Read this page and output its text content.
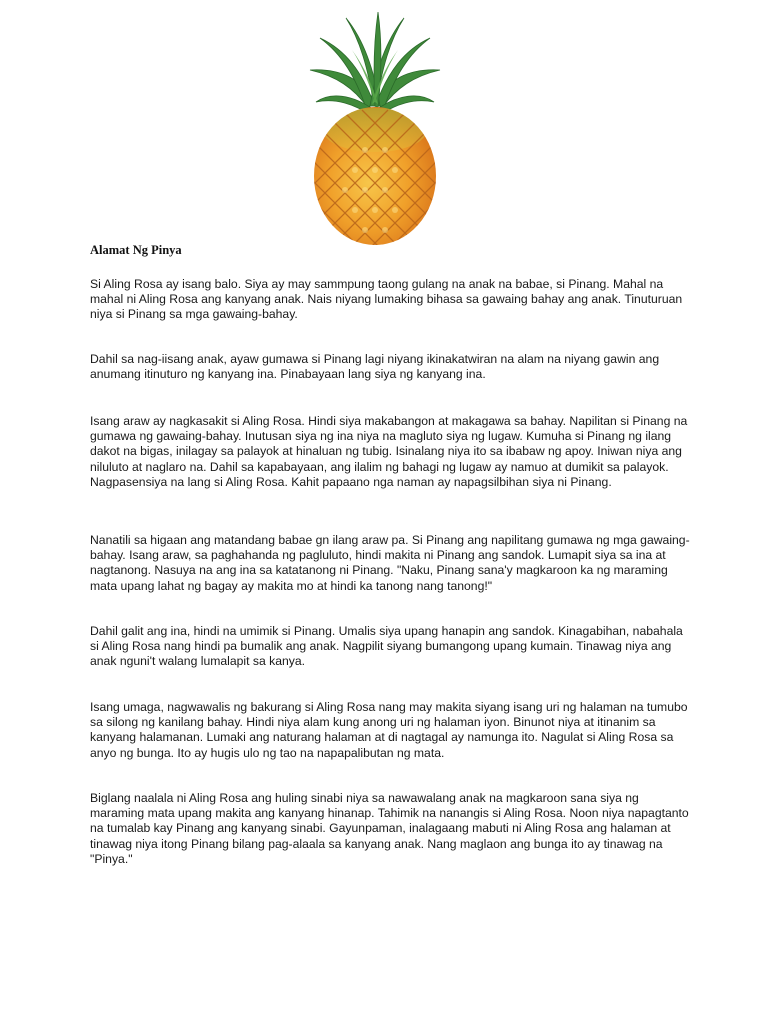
Alamat Ng Pinya

Si Aling Rosa ay isang balo. Siya ay may sammpung taong gulang na anak na babae, si Pinang. Mahal na mahal ni Aling Rosa ang kanyang anak. Nais niyang lumaking bihasa sa gawaing bahay ang anak. Tinuturuan niya si Pinang sa mga gawaing-bahay.

Dahil sa nag-iisang anak, ayaw gumawa si Pinang lagi niyang ikinakatwiran na alam na niyang gawin ang anumang itinuturo ng kanyang ina. Pinabayaan lang siya ng kanyang ina.

Isang araw ay nagkasakit si Aling Rosa. Hindi siya makabangon at makagawa sa bahay. Napilitan si Pinang na gumawa ng gawaing-bahay. Inutusan siya ng ina niya na magluto siya ng lugaw. Kumuha si Pinang ng ilang dakot na bigas, inilagay sa palayok at hinaluan ng tubig. Isinalang niya ito sa ibabaw ng apoy. Iniwan niya ang niluluto at naglaro na. Dahil sa kapabayaan, ang ilalim ng bahagi ng lugaw ay namuo at dumikit sa palayok. Nagpasensiya na lang si Aling Rosa. Kahit papaano nga naman ay napagsilbihan siya ni Pinang.

Nanatili sa higaan ang matandang babae gn ilang araw pa. Si Pinang ang napilitang gumawa ng mga gawaing-bahay. Isang araw, sa paghahanda ng pagluluto, hindi makita ni Pinang ang sandok. Lumapit siya sa ina at nagtanong. Nasuya na ang ina sa katatanong ni Pinang. "Naku, Pinang sana'y magkaroon ka ng maraming mata upang lahat ng bagay ay makita mo at hindi ka tanong nang tanong!"

Dahil galit ang ina, hindi na umimik si Pinang. Umalis siya upang hanapin ang sandok. Kinagabihan, nabahala si Aling Rosa nang hindi pa bumalik ang anak. Nagpilit siyang bumangong upang kumain. Tinawag niya ang anak nguni't walang lumalapit sa kanya.

Isang umaga, nagwawalis ng bakurang si Aling Rosa nang may makita siyang isang uri ng halaman na tumubo sa silong ng kanilang bahay. Hindi niya alam kung anong uri ng halaman iyon. Binunot niya at itinanim sa kanyang halamanan. Lumaki ang naturang halaman at di nagtagal ay namunga ito. Nagulat si Aling Rosa sa anyo ng bunga. Ito ay hugis ulo ng tao na napapalibutan ng mata.

Biglang naalala ni Aling Rosa ang huling sinabi niya sa nawawalang anak na magkaroon sana siya ng maraming mata upang makita ang kanyang hinanap. Tahimik na nanangis si Aling Rosa. Noon niya napagtanto na tumalab kay Pinang ang kanyang sinabi. Gayunpaman, inalagaang mabuti ni Aling Rosa ang halaman at tinawag niya itong Pinang bilang pag-alaala sa kanyang anak. Nang maglaon ang bunga ito ay tinawag na "Pinya."
